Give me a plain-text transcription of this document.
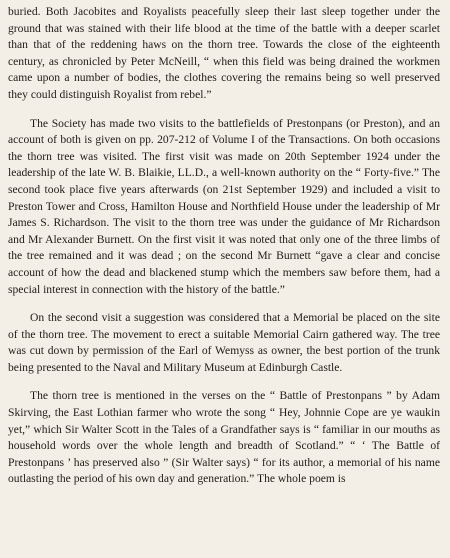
buried. Both Jacobites and Royalists peacefully sleep their last sleep together under the ground that was stained with their life blood at the time of the battle with a deeper scarlet than that of the reddening haws on the thorn tree. Towards the close of the eighteenth century, as chronicled by Peter McNeill, “ when this field was being drained the workmen came upon a number of bodies, the clothes covering the remains being so well preserved they could distinguish Royalist from rebel.”

The Society has made two visits to the battlefields of Prestonpans (or Preston), and an account of both is given on pp. 207-212 of Volume I of the Transactions. On both occasions the thorn tree was visited. The first visit was made on 20th September 1924 under the leadership of the late W. B. Blaikie, LL.D., a well-known authority on the “ Forty-five.” The second took place five years afterwards (on 21st September 1929) and included a visit to Preston Tower and Cross, Hamilton House and Northfield House under the leadership of Mr James S. Richardson. The visit to the thorn tree was under the guidance of Mr Richardson and Mr Alexander Burnett. On the first visit it was noted that only one of the three limbs of the tree remained and it was dead ; on the second Mr Burnett “gave a clear and concise account of how the dead and blackened stump which the members saw before them, had a special interest in connection with the history of the battle.”

On the second visit a suggestion was considered that a Memorial be placed on the site of the thorn tree. The movement to erect a suitable Memorial Cairn gathered way. The tree was cut down by permission of the Earl of Wemyss as owner, the best portion of the trunk being presented to the Naval and Military Museum at Edinburgh Castle.

The thorn tree is mentioned in the verses on the “ Battle of Prestonpans ” by Adam Skirving, the East Lothian farmer who wrote the song “ Hey, Johnnie Cope are ye waukin yet,” which Sir Walter Scott in the Tales of a Grandfather says is “ familiar in our mouths as household words over the whole length and breadth of Scotland.” “ ‘ The Battle of Prestonpans ’ has preserved also ” (Sir Walter says) “ for its author, a memorial of his name outlasting the period of his own day and generation.” The whole poem is
